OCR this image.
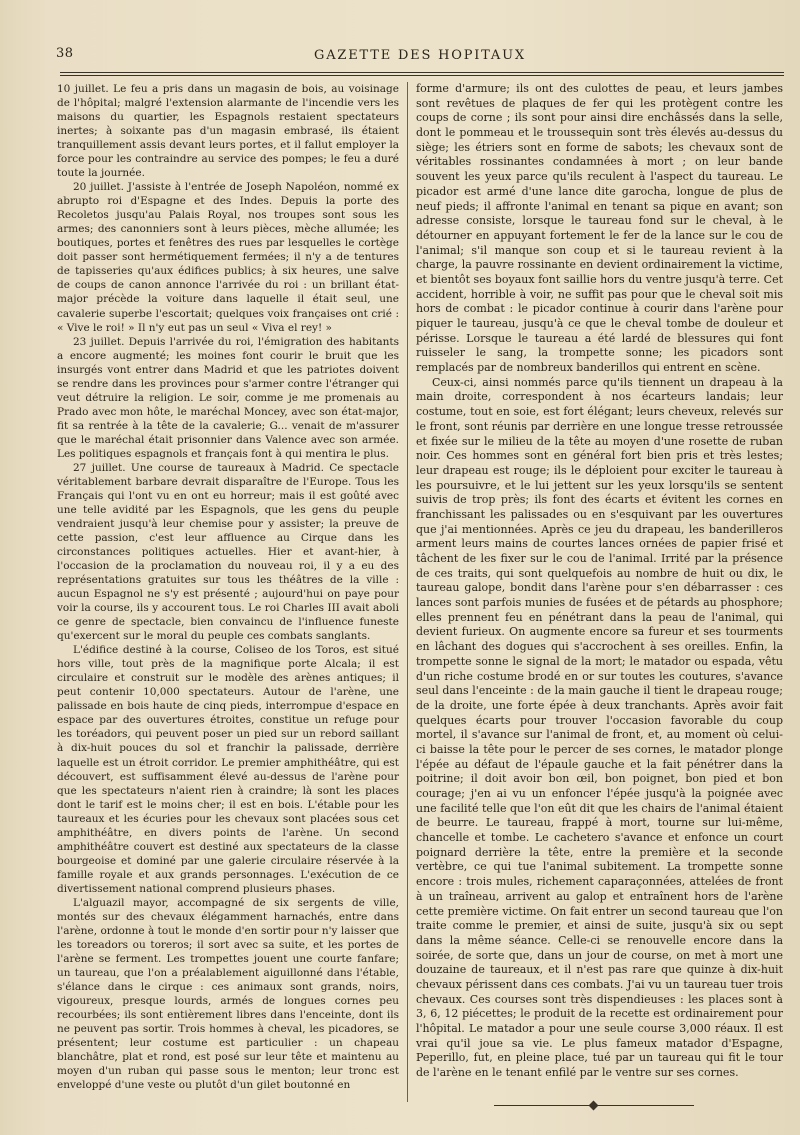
38	GAZETTE DES HOPITAUX

10 juillet. Le feu a pris dans un magasin de bois, au voisinage de l'hôpital; malgré l'extension alarmante de l'incendie vers les maisons du quartier, les Espagnols restaient spectateurs inertes; à soixante pas d'un magasin embrasé, ils étaient tranquillement assis devant leurs portes, et il fallut employer la force pour les contraindre au service des pompes; le feu a duré toute la journée.

20 juillet. J'assiste à l'entrée de Joseph Napoléon, nommé ex abrupto roi d'Espagne et des Indes. Depuis la porte des Recoletos jusqu'au Palais Royal, nos troupes sont sous les armes; des canonniers sont à leurs pièces, mèche allumée; les boutiques, portes et fenêtres des rues par lesquelles le cortège doit passer sont hermétiquement fermées; il n'y a de tentures de tapisseries qu'aux édifices publics; à six heures, une salve de coups de canon annonce l'arrivée du roi : un brillant état-major précède la voiture dans laquelle il était seul, une cavalerie superbe l'escortait; quelques voix françaises ont crié : « Vive le roi! » Il n'y eut pas un seul « Viva el rey! »

23 juillet. Depuis l'arrivée du roi, l'émigration des habitants a encore augmenté; les moines font courir le bruit que les insurgés vont entrer dans Madrid et que les patriotes doivent se rendre dans les provinces pour s'armer contre l'étranger qui veut détruire la religion. Le soir, comme je me promenais au Prado avec mon hôte, le maréchal Moncey, avec son état-major, fit sa rentrée à la tête de la cavalerie; G... venait de m'assurer que le maréchal était prisonnier dans Valence avec son armée. Les politiques espagnols et français font à qui mentira le plus.

27 juillet. Une course de taureaux à Madrid. Ce spectacle véritablement barbare devrait disparaître de l'Europe. Tous les Français qui l'ont vu en ont eu horreur; mais il est goûté avec une telle avidité par les Espagnols, que les gens du peuple vendraient jusqu'à leur chemise pour y assister; la preuve de cette passion, c'est leur affluence au Cirque dans les circonstances politiques actuelles. Hier et avant-hier, à l'occasion de la proclamation du nouveau roi, il y a eu des représentations gratuites sur tous les théâtres de la ville : aucun Espagnol ne s'y est présenté ; aujourd'hui on paye pour voir la course, ils y accourent tous. Le roi Charles III avait aboli ce genre de spectacle, bien convaincu de l'influence funeste qu'exercent sur le moral du peuple ces combats sanglants.

L'édifice destiné à la course, Coliseo de los Toros, est situé hors ville, tout près de la magnifique porte Alcala; il est circulaire et construit sur le modèle des arènes antiques; il peut contenir 10,000 spectateurs. Autour de l'arène, une palissade en bois haute de cinq pieds, interrompue d'espace en espace par des ouvertures étroites, constitue un refuge pour les toréadors, qui peuvent poser un pied sur un rebord saillant à dix-huit pouces du sol et franchir la palissade, derrière laquelle est un étroit corridor. Le premier amphithéâtre, qui est découvert, est suffisamment élevé au-dessus de l'arène pour que les spectateurs n'aient rien à craindre; là sont les places dont le tarif est le moins cher; il est en bois. L'étable pour les taureaux et les écuries pour les chevaux sont placées sous cet amphithéâtre, en divers points de l'arène. Un second amphithéâtre couvert est destiné aux spectateurs de la classe bourgeoise et dominé par une galerie circulaire réservée à la famille royale et aux grands personnages. L'exécution de ce divertissement national comprend plusieurs phases.

L'alguazil mayor, accompagné de six sergents de ville, montés sur des chevaux élégamment harnachés, entre dans l'arène, ordonne à tout le monde d'en sortir pour n'y laisser que les toreadors ou toreros; il sort avec sa suite, et les portes de l'arène se ferment. Les trompettes jouent une courte fanfare; un taureau, que l'on a préalablement aiguillonné dans l'étable, s'élance dans le cirque : ces animaux sont grands, noirs, vigoureux, presque lourds, armés de longues cornes peu recourbées; ils sont entièrement libres dans l'enceinte, dont ils ne peuvent pas sortir. Trois hommes à cheval, les picadores, se présentent; leur costume est particulier : un chapeau blanchâtre, plat et rond, est posé sur leur tête et maintenu au moyen d'un ruban qui passe sous le menton; leur tronc est enveloppé d'une veste ou plutôt d'un gilet boutonné en

forme d'armure; ils ont des culottes de peau, et leurs jambes sont revêtues de plaques de fer qui les protègent contre les coups de corne ; ils sont pour ainsi dire enchâssés dans la selle, dont le pommeau et le troussequin sont très élevés au-dessus du siège; les étriers sont en forme de sabots; les chevaux sont de véritables rossinantes condamnées à mort ; on leur bande souvent les yeux parce qu'ils reculent à l'aspect du taureau. Le picador est armé d'une lance dite garocha, longue de plus de neuf pieds; il affronte l'animal en tenant sa pique en avant; son adresse consiste, lorsque le taureau fond sur le cheval, à le détourner en appuyant fortement le fer de la lance sur le cou de l'animal; s'il manque son coup et si le taureau revient à la charge, la pauvre rossinante en devient ordinairement la victime, et bientôt ses boyaux font saillie hors du ventre jusqu'à terre. Cet accident, horrible à voir, ne suffit pas pour que le cheval soit mis hors de combat : le picador continue à courir dans l'arène pour piquer le taureau, jusqu'à ce que le cheval tombe de douleur et périsse. Lorsque le taureau a été lardé de blessures qui font ruisseler le sang, la trompette sonne; les picadors sont remplacés par de nombreux banderillos qui entrent en scène.

Ceux-ci, ainsi nommés parce qu'ils tiennent un drapeau à la main droite, correspondent à nos écarteurs landais; leur costume, tout en soie, est fort élégant; leurs cheveux, relevés sur le front, sont réunis par derrière en une longue tresse retroussée et fixée sur le milieu de la tête au moyen d'une rosette de ruban noir. Ces hommes sont en général fort bien pris et très lestes; leur drapeau est rouge; ils le déploient pour exciter le taureau à les poursuivre, et le lui jettent sur les yeux lorsqu'ils se sentent suivis de trop près; ils font des écarts et évitent les cornes en franchissant les palissades ou en s'esquivant par les ouvertures que j'ai mentionnées. Après ce jeu du drapeau, les banderilleros arment leurs mains de courtes lances ornées de papier frisé et tâchent de les fixer sur le cou de l'animal. Irrité par la présence de ces traits, qui sont quelquefois au nombre de huit ou dix, le taureau galope, bondit dans l'arène pour s'en débarrasser : ces lances sont parfois munies de fusées et de pétards au phosphore; elles prennent feu en pénétrant dans la peau de l'animal, qui devient furieux. On augmente encore sa fureur et ses tourments en lâchant des dogues qui s'accrochent à ses oreilles. Enfin, la trompette sonne le signal de la mort; le matador ou espada, vêtu d'un riche costume brodé en or sur toutes les coutures, s'avance seul dans l'enceinte : de la main gauche il tient le drapeau rouge; de la droite, une forte épée à deux tranchants. Après avoir fait quelques écarts pour trouver l'occasion favorable du coup mortel, il s'avance sur l'animal de front, et, au moment où celui-ci baisse la tête pour le percer de ses cornes, le matador plonge l'épée au défaut de l'épaule gauche et la fait pénétrer dans la poitrine; il doit avoir bon œil, bon poignet, bon pied et bon courage; j'en ai vu un enfoncer l'épée jusqu'à la poignée avec une facilité telle que l'on eût dit que les chairs de l'animal étaient de beurre. Le taureau, frappé à mort, tourne sur lui-même, chancelle et tombe. Le cachetero s'avance et enfonce un court poignard derrière la tête, entre la première et la seconde vertèbre, ce qui tue l'animal subitement. La trompette sonne encore : trois mules, richement caparaçonnées, attelées de front à un traîneau, arrivent au galop et entraînent hors de l'arène cette première victime. On fait entrer un second taureau que l'on traite comme le premier, et ainsi de suite, jusqu'à six ou sept dans la même séance. Celle-ci se renouvelle encore dans la soirée, de sorte que, dans un jour de course, on met à mort une douzaine de taureaux, et il n'est pas rare que quinze à dix-huit chevaux périssent dans ces combats. J'ai vu un taureau tuer trois chevaux. Ces courses sont très dispendieuses : les places sont à 3, 6, 12 piécettes; le produit de la recette est ordinairement pour l'hôpital. Le matador a pour une seule course 3,000 réaux. Il est vrai qu'il joue sa vie. Le plus fameux matador d'Espagne, Peperillo, fut, en pleine place, tué par un taureau qui fit le tour de l'arène en le tenant enfilé par le ventre sur ses cornes.
